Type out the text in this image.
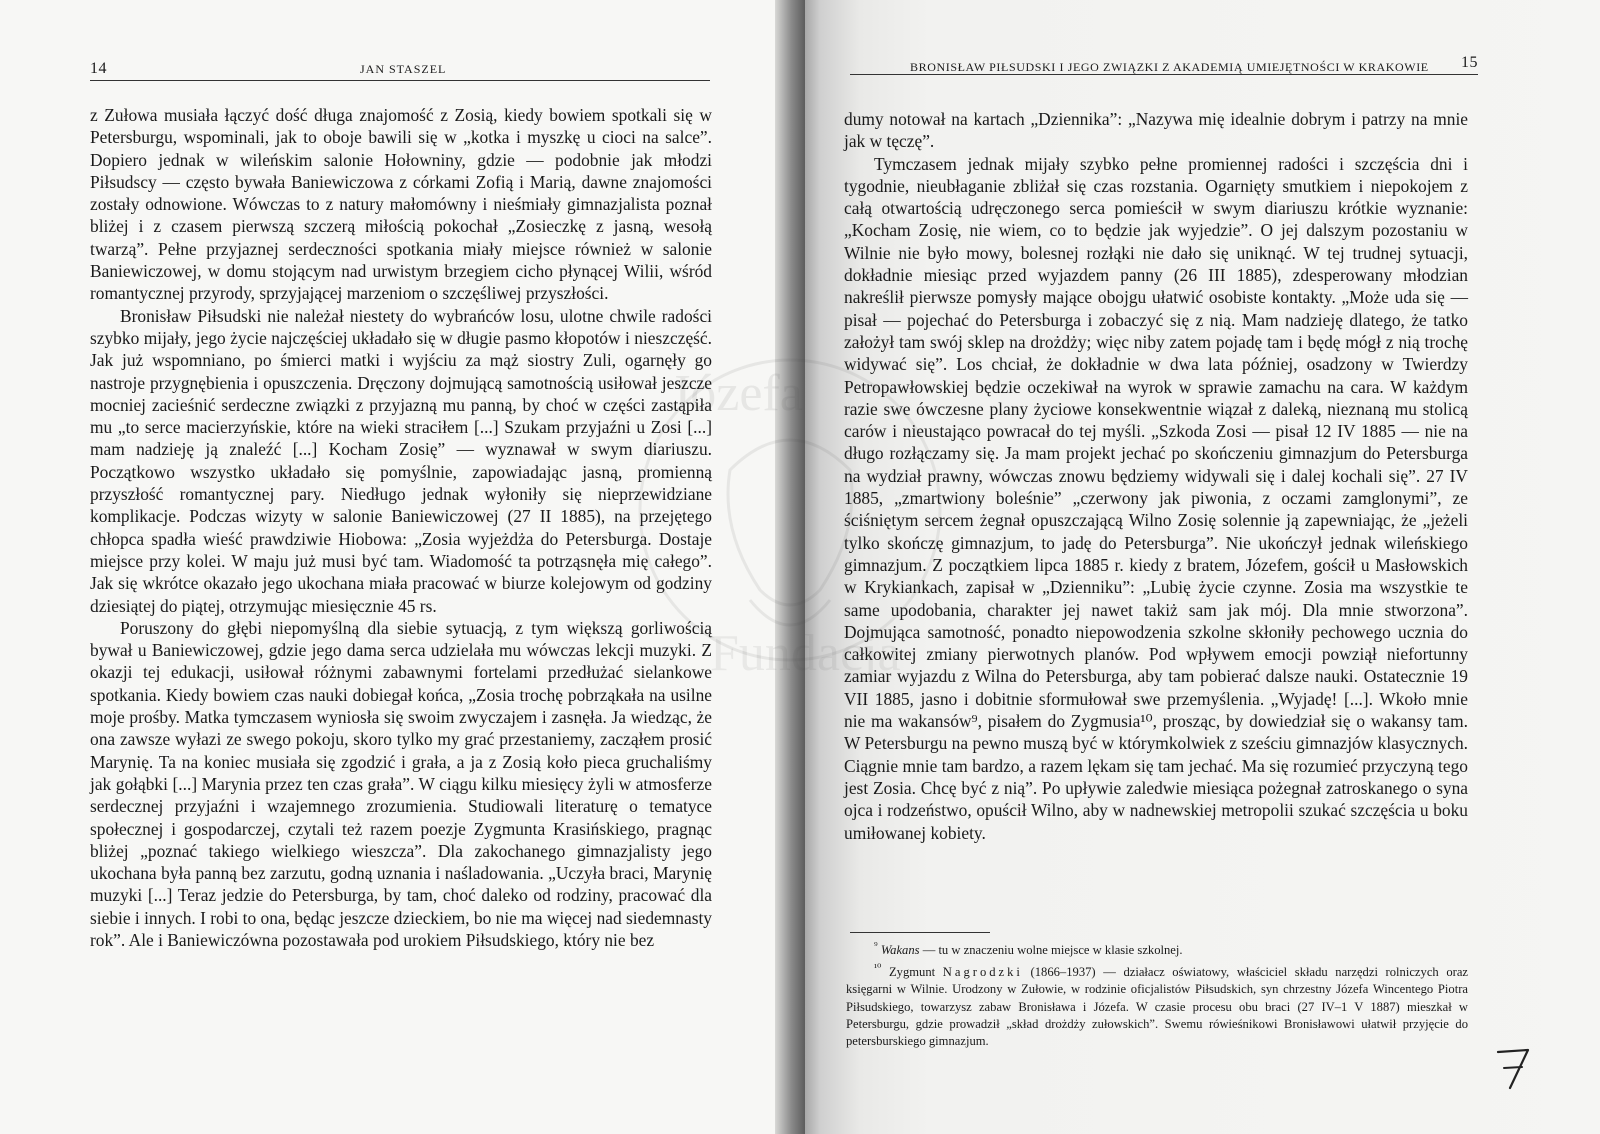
14	JAN STASZEL

z Zułowa musiała łączyć dość długa znajomość z Zosią, kiedy bowiem spotkali się w Petersburgu, wspominali, jak to oboje bawili się w „kotka i myszkę u cioci na salce”. Dopiero jednak w wileńskim salonie Hołowniny, gdzie — podobnie jak młodzi Piłsudscy — często bywała Baniewiczowa z córkami Zofią i Marią, dawne znajomości zostały odnowione. Wówczas to z natury małomówny i nieśmiały gimnazjalista poznał bliżej i z czasem pierwszą szczerą miłością pokochał „Zosieczkę z jasną, wesołą twarzą”. Pełne przyjaznej serdeczności spotkania miały miejsce również w salonie Baniewiczowej, w domu stojącym nad urwistym brzegiem cicho płynącej Wilii, wśród romantycznej przyrody, sprzyjającej marzeniom o szczęśliwej przyszłości.

Bronisław Piłsudski nie należał niestety do wybrańców losu, ulotne chwile radości szybko mijały, jego życie najczęściej układało się w długie pasmo kłopotów i nieszczęść. Jak już wspomniano, po śmierci matki i wyjściu za mąż siostry Zuli, ogarnęły go nastroje przygnębienia i opuszczenia. Dręczony dojmującą samotnością usiłował jeszcze mocniej zacieśnić serdeczne związki z przyjazną mu panną, by choć w części zastąpiła mu „to serce macierzyńskie, które na wieki straciłem [...] Szukam przyjaźni u Zosi [...] mam nadzieję ją znaleźć [...] Kocham Zosię” — wyznawał w swym diariuszu. Początkowo wszystko układało się pomyślnie, zapowiadając jasną, promienną przyszłość romantycznej pary. Niedługo jednak wyłoniły się nieprzewidziane komplikacje. Podczas wizyty w salonie Baniewiczowej (27 II 1885), na przejętego chłopca spadła wieść prawdziwie Hiobowa: „Zosia wyjeżdża do Petersburga. Dostaje miejsce przy kolei. W maju już musi być tam. Wiadomość ta potrząsnęła mię całego”. Jak się wkrótce okazało jego ukochana miała pracować w biurze kolejowym od godziny dziesiątej do piątej, otrzymując miesięcznie 45 rs.

Poruszony do głębi niepomyślną dla siebie sytuacją, z tym większą gorliwością bywał u Baniewiczowej, gdzie jego dama serca udzielała mu wówczas lekcji muzyki. Z okazji tej edukacji, usiłował różnymi zabawnymi fortelami przedłużać sielankowe spotkania. Kiedy bowiem czas nauki dobiegał końca, „Zosia trochę pobrząkała na usilne moje prośby. Matka tymczasem wyniosła się swoim zwyczajem i zasnęła. Ja wiedząc, że ona zawsze wyłazi ze swego pokoju, skoro tylko my grać przestaniemy, zacząłem prosić Marynię. Ta na koniec musiała się zgodzić i grała, a ja z Zosią koło pieca gruchaliśmy jak gołąbki [...] Marynia przez ten czas grała”. W ciągu kilku miesięcy żyli w atmosferze serdecznej przyjaźni i wzajemnego zrozumienia. Studiowali literaturę o tematyce społecznej i gospodarczej, czytali też razem poezje Zygmunta Krasińskiego, pragnąc bliżej „poznać takiego wielkiego wieszcza”. Dla zakochanego gimnazjalisty jego ukochana była panną bez zarzutu, godną uznania i naśladowania. „Uczyła braci, Marynię muzyki [...] Teraz jedzie do Petersburga, by tam, choć daleko od rodziny, pracować dla siebie i innych. I robi to ona, będąc jeszcze dzieckiem, bo nie ma więcej nad siedemnasty rok”. Ale i Baniewiczówna pozostawała pod urokiem Piłsudskiego, który nie bez

BRONISŁAW PIŁSUDSKI I JEGO ZWIĄZKI Z AKADEMIĄ UMIEJĘTNOŚCI W KRAKOWIE 15

dumy notował na kartach „Dziennika”: „Nazywa mię idealnie dobrym i patrzy na mnie jak w tęczę”.

Tymczasem jednak mijały szybko pełne promiennej radości i szczęścia dni i tygodnie, nieubłaganie zbliżał się czas rozstania. Ogarnięty smutkiem i niepokojem z całą otwartością udręczonego serca pomieścił w swym diariuszu krótkie wyznanie: „Kocham Zosię, nie wiem, co to będzie jak wyjedzie”. O jej dalszym pozostaniu w Wilnie nie było mowy, bolesnej rozłąki nie dało się uniknąć. W tej trudnej sytuacji, dokładnie miesiąc przed wyjazdem panny (26 III 1885), zdesperowany młodzian nakreślił pierwsze pomysły mające obojgu ułatwić osobiste kontakty. „Może uda się — pisał — pojechać do Petersburga i zobaczyć się z nią. Mam nadzieję dlatego, że tatko założył tam swój sklep na drożdży; więc niby zatem pojadę tam i będę mógł z nią trochę widywać się”. Los chciał, że dokładnie w dwa lata później, osadzony w Twierdzy Petropawłowskiej będzie oczekiwał na wyrok w sprawie zamachu na cara. W każdym razie swe ówczesne plany życiowe konsekwentnie wiązał z daleką, nieznaną mu stolicą carów i nieustająco powracał do tej myśli. „Szkoda Zosi — pisał 12 IV 1885 — nie na długo rozłączamy się. Ja mam projekt jechać po skończeniu gimnazjum do Petersburga na wydział prawny, wówczas znowu będziemy widywali się i dalej kochali się”. 27 IV 1885, „zmartwiony boleśnie” „czerwony jak piwonia, z oczami zamglonymi”, ze ściśniętym sercem żegnał opuszczającą Wilno Zosię solennie ją zapewniając, że „jeżeli tylko skończę gimnazjum, to jadę do Petersburga”. Nie ukończył jednak wileńskiego gimnazjum. Z początkiem lipca 1885 r. kiedy z bratem, Józefem, gościł u Masłowskich w Krykiankach, zapisał w „Dzienniku”: „Lubię życie czynne. Zosia ma wszystkie te same upodobania, charakter jej nawet takiż sam jak mój. Dla mnie stworzona”. Dojmująca samotność, ponadto niepowodzenia szkolne skłoniły pechowego ucznia do całkowitej zmiany pierwotnych planów. Pod wpływem emocji powziął niefortunny zamiar wyjazdu z Wilna do Petersburga, aby tam pobierać dalsze nauki. Ostatecznie 19 VII 1885, jasno i dobitnie sformułował swe przemyślenia. „Wyjadę! [...]. Wkoło mnie nie ma wakansów⁹, pisałem do Zygmusia¹⁰, prosząc, by dowiedział się o wakansy tam. W Petersburgu na pewno muszą być w którymkolwiek z sześciu gimnazjów klasycznych. Ciągnie mnie tam bardzo, a razem lękam się tam jechać. Ma się rozumieć przyczyną tego jest Zosia. Chcę być z nią”. Po upływie zaledwie miesiąca pożegnał zatroskanego o syna ojca i rodzeństwo, opuścił Wilno, aby w nadnewskiej metropolii szukać szczęścia u boku umiłowanej kobiety.

$^{^9}$ Wakans — tu w znaczeniu wolne miejsce w klasie szkolnej.

$^{^{10}}$ Zygmunt Nagrodzki (1866–1937) — działacz oświatowy, właściciel składu narzędzi rolniczych oraz księgarni w Wilnie. Urodzony w Zułowie, w rodzinie oficjalistów Piłsudskich, syn chrzestny Józefa Wincentego Piotra Piłsudskiego, towarzysz zabaw Bronisława i Józefa. W czasie procesu obu braci (27 IV–1 V 1887) mieszkał w Petersburgu, gdzie prowadził „skład drożdży zułowskich”. Swemu rówieśnikowi Bronisławowi ułatwił przyjęcie do petersburskiego gimnazjum.
